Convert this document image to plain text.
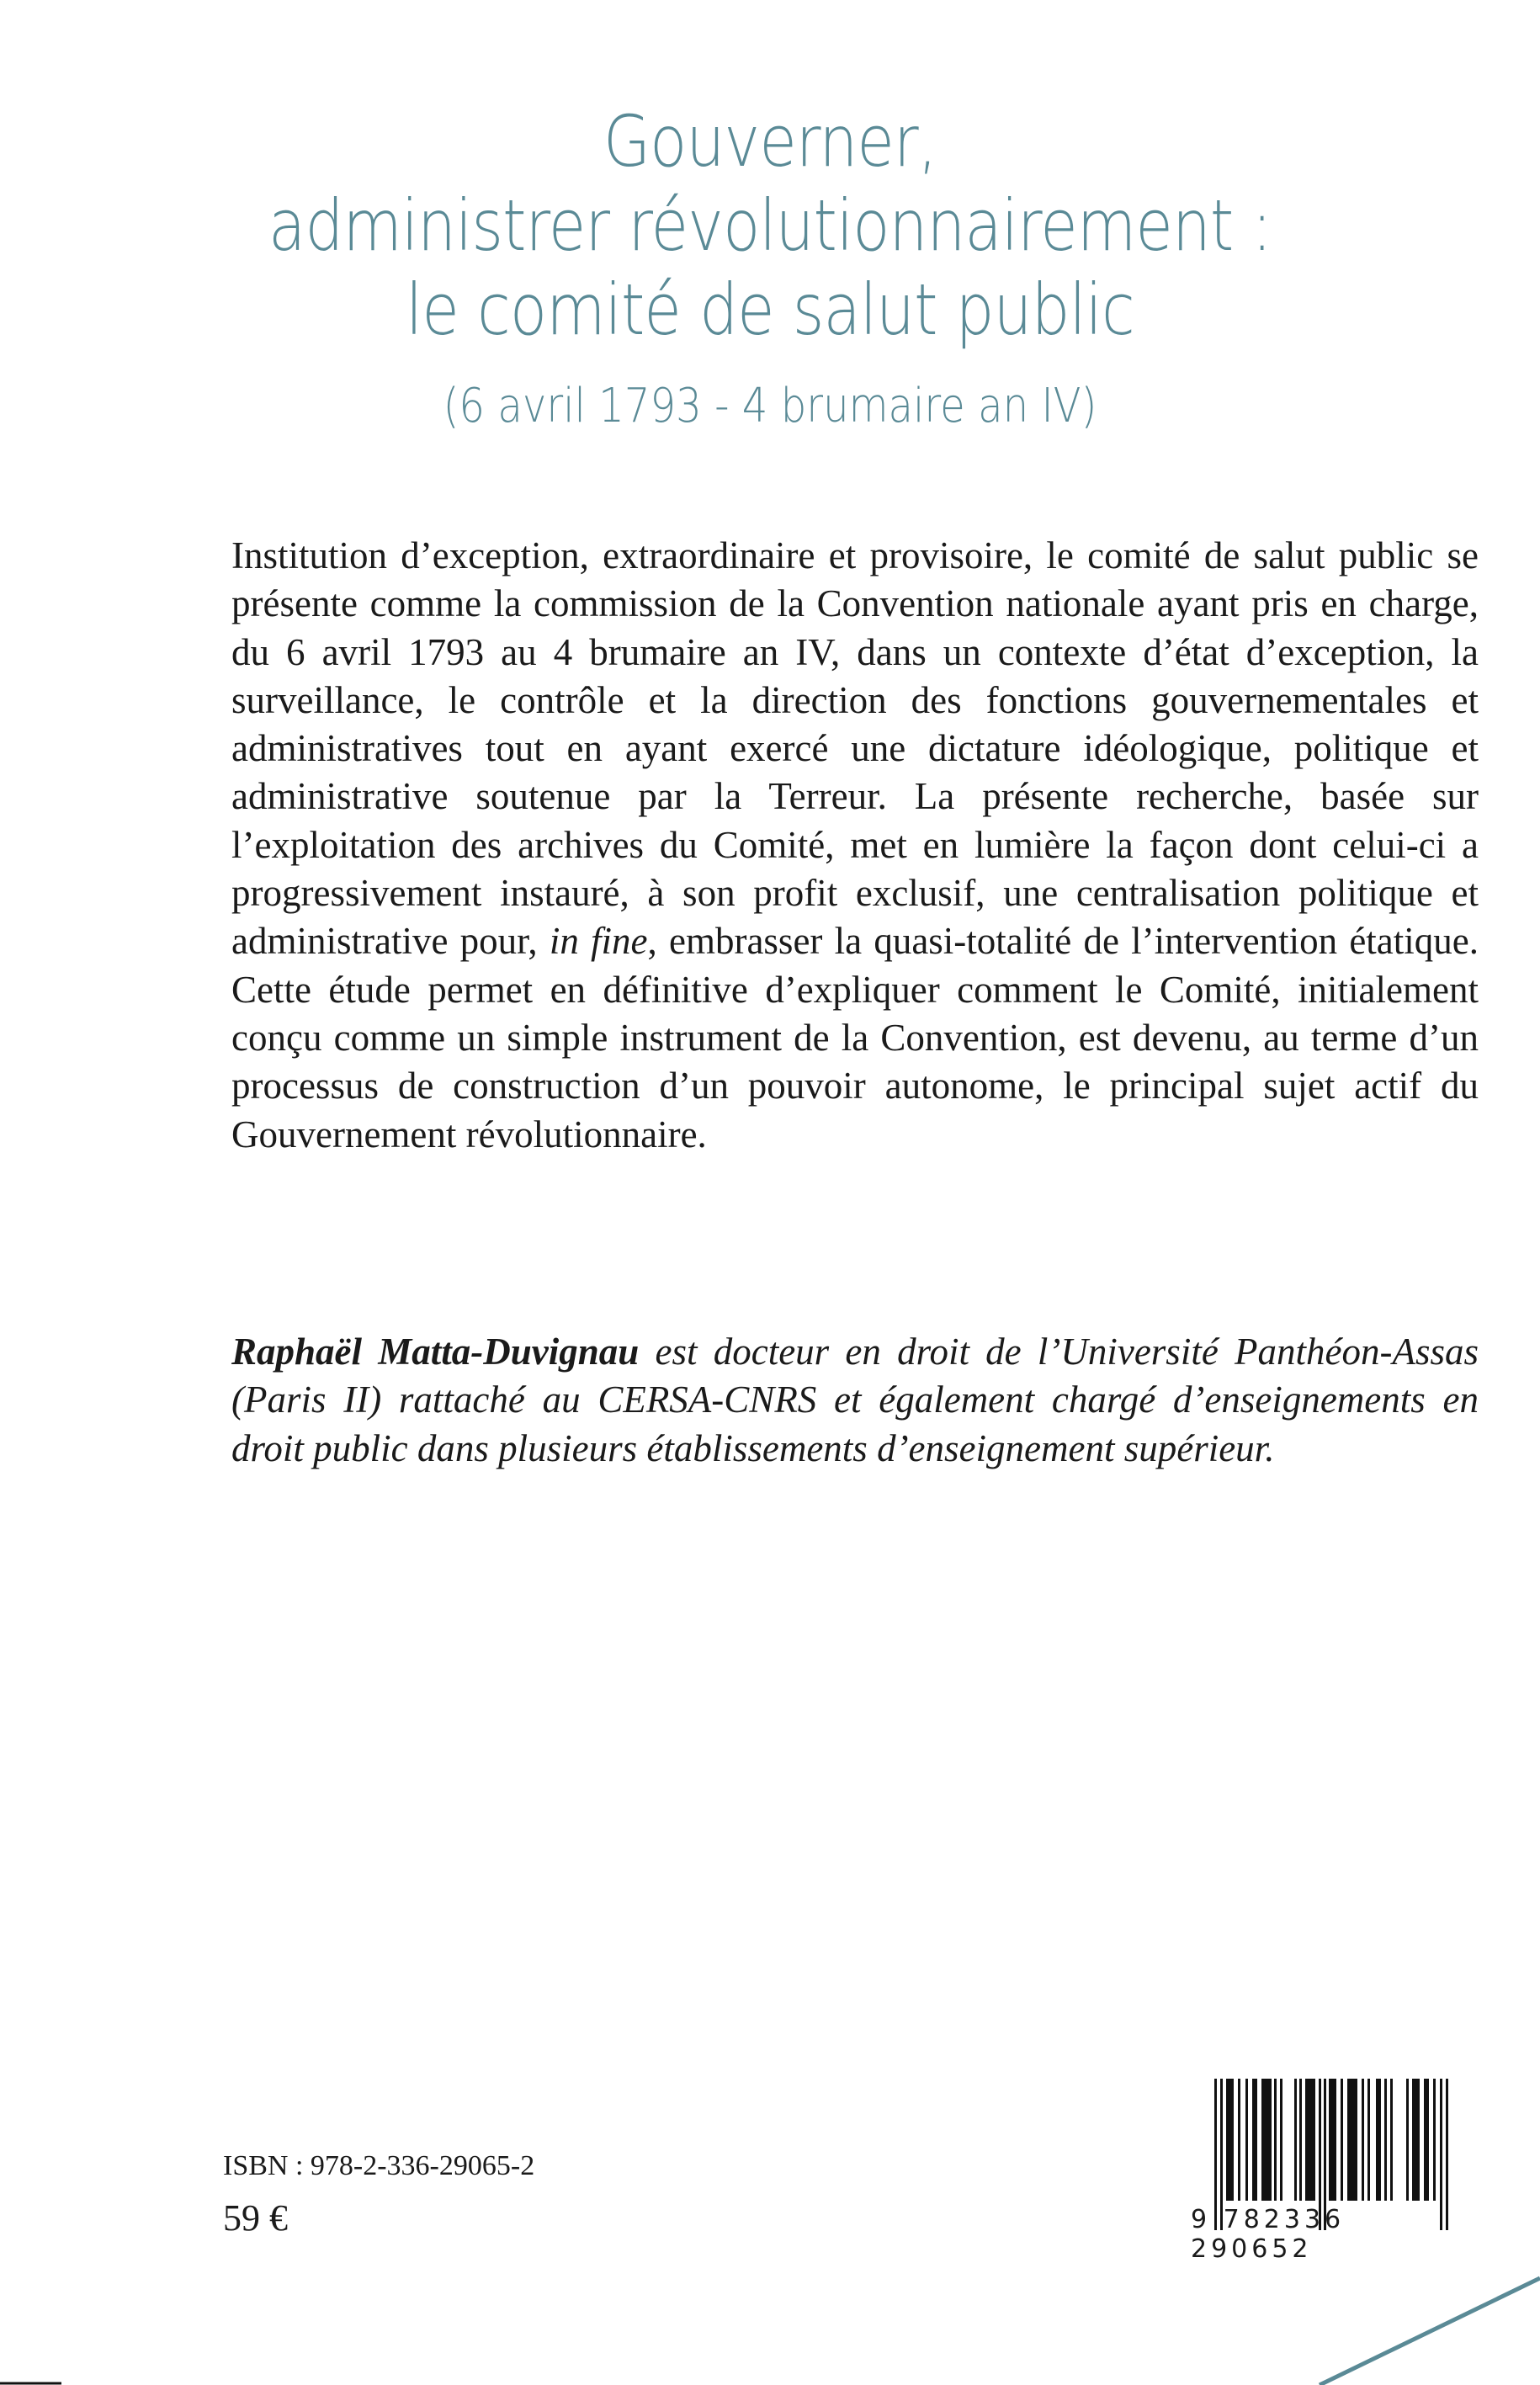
Gouverner,
administrer révolutionnairement :
le comité de salut public
(6 avril 1793 - 4 brumaire an IV)
Institution d’exception, extraordinaire et provisoire, le comité de salut public se présente comme la commission de la Convention nationale ayant pris en charge, du 6 avril 1793 au 4 brumaire an IV, dans un contexte d’état d’exception, la surveillance, le contrôle et la direction des fonctions gouvernementales et administratives tout en ayant exercé une dictature idéologique, politique et administrative soutenue par la Terreur. La présente recherche, basée sur l’exploitation des archives du Comité, met en lumière la façon dont celui-ci a progressivement instauré, à son profit exclusif, une centralisation politique et administrative pour, in fine, embrasser la quasi-totalité de l’intervention étatique. Cette étude permet en définitive d’expliquer comment le Comité, initialement conçu comme un simple instrument de la Convention, est devenu, au terme d’un processus de construction d’un pouvoir autonome, le principal sujet actif du Gouvernement révolutionnaire.
Raphaël Matta-Duvignau est docteur en droit de l’Université Panthéon-Assas (Paris II) rattaché au CERSA-CNRS et également chargé d’enseignements en droit public dans plusieurs établissements d’enseignement supérieur.
ISBN : 978-2-336-29065-2
59 €	9 782336 290652
